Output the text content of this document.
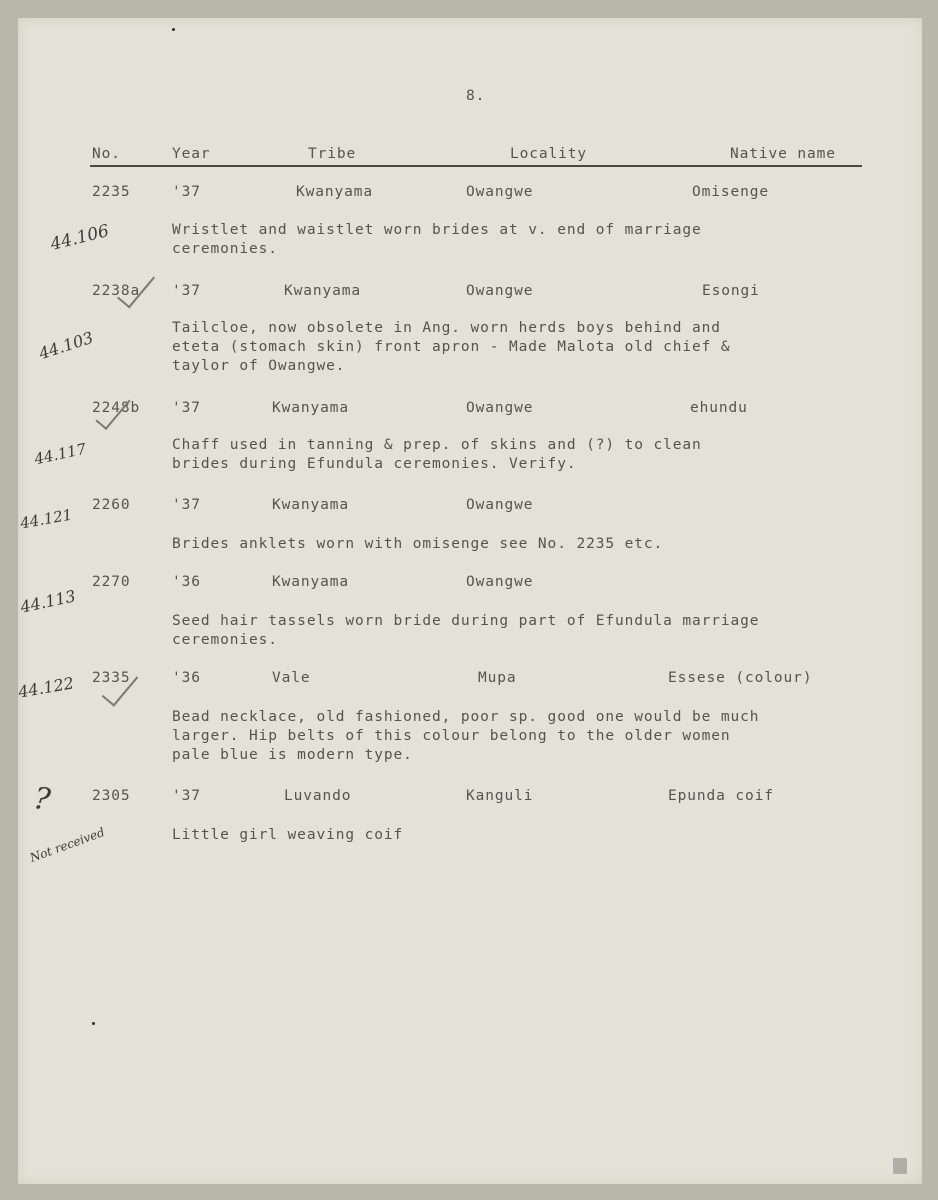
8.
No.	Year	Tribe	Locality	Native name
2235	'37	Kwanyama	Owangwe	Omisenge
Wristlet and waistlet worn brides at v. end of marriage
ceremonies.
44.106
2238a '37	Kwanyama	Owangwe	Esongi
Tailcloe, now obsolete in Ang. worn herds boys behind and
eteta (stomach skin) front apron - Made Malota old chief &
taylor of Owangwe.
44.103
2248b '37	Kwanyama	Owangwe	ehundu
Chaff used in tanning & prep. of skins and (?) to clean
brides during Efundula ceremonies. Verify.
44.117
2260	'37	Kwanyama	Owangwe
Brides anklets worn with omisenge see No. 2235 etc.
44.121
2270	'36	Kwanyama	Owangwe
Seed hair tassels worn bride during part of Efundula marriage
ceremonies.
44.113
2335	'36	Vale	Mupa	Essese (colour)
Bead necklace, old fashioned, poor sp. good one would be much
larger. Hip belts of this colour belong to the older women
pale blue is modern type.
44.122
2305	'37	Luvando	Kanguli	Epunda coif
Little girl weaving coif
?
Not received
